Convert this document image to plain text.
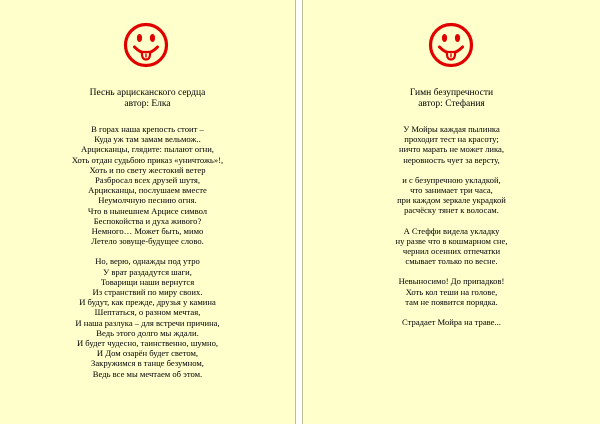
Песнь арцисканского сердца
автор: Елка
В горах наша крепость стоит –
Куда уж там замам вельмож..
Арцисканцы, глядите: пылают огни,
Хоть отдан судьбою приказ «уничтожь»!,
Хоть и по свету жестокий ветер
Разбросал всех друзей шутя,
Арцисканцы, послушаем вместе
Неумолчную песнию огня.
Что в нынешнем Арцисе символ
Беспокойства и духа живого?
Немного… Может быть, мимо
Летело зовуще-будущее слово.
Но, верю, однажды под утро
У врат раздадутся шаги,
Товарищи наши вернутся
Из странствий по миру своих.
И будут, как прежде, друзья у камина
Шептаться, о разном мечтая,
И наша разлука – для встречи причина,
Ведь этого долго мы ждали.
И будет чудесно, таинственно, шумно,
И Дом озарён будет светом,
Закружимся в танце безумном,
Ведь все мы мечтаем об этом.
Гимн безупречности
автор: Стефания
У Мойры каждая пылинка
проходит тест на красоту;
ничто марать не может лика,
неровность чует за версту,
и с безупречною укладкой,
что занимает три часа,
при каждом зеркале украдкой
расчёску тянет к волосам.
А Стеффи видела укладку
ну разве что в кошмарном сне,
чернил осенних отпечатки
смывает только по весне.
Невыносимо! До припадков!
Хоть кол теши на голове,
там не появится порядка.
Страдает Мойра на траве...
